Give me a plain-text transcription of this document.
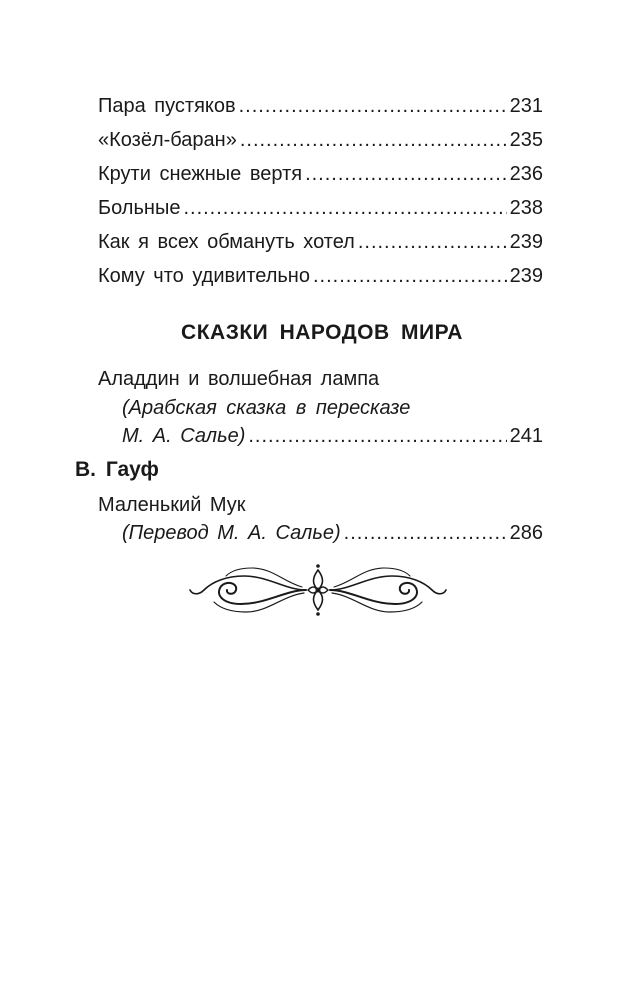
Пара пустяков .....	231
«Козёл-баран» .....	235
Крути снежные вертя .....	236
Больные .....	238
Как я всех обмануть хотел .....	239
Кому что удивительно .....	239
СКАЗКИ НАРОДОВ МИРА
Аладдин и волшебная лампа
(Арабская сказка в пересказе
М. А. Салье) .....	241
В. Гауф
Маленький Мук
(Перевод М. А. Салье) .....	286
